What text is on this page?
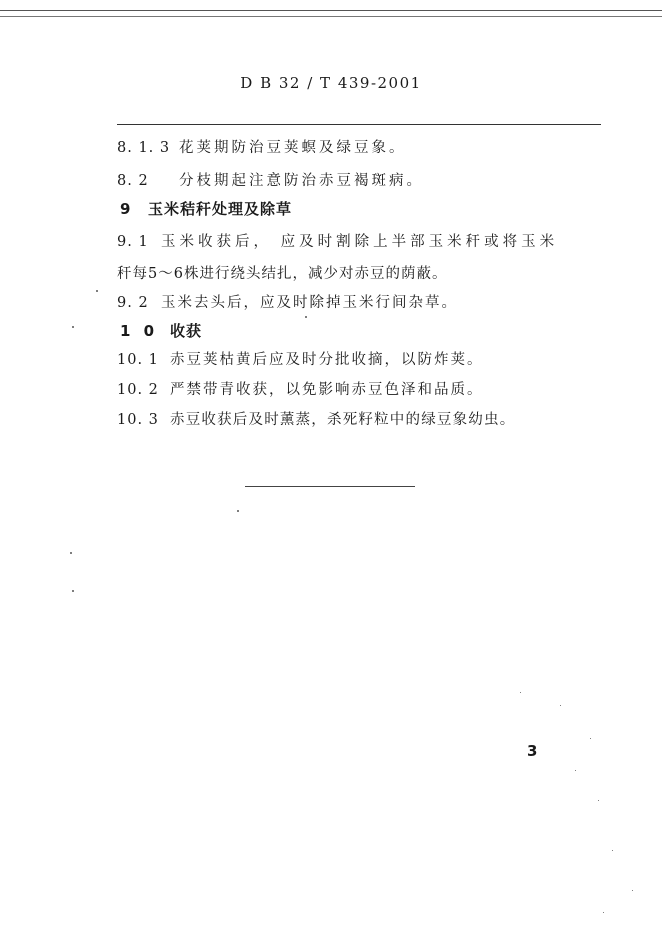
D B 32 / T 439-2001
8. 1. 3 花荚期防治豆荚螟及绿豆象。
8. 2 分枝期起注意防治赤豆褐斑病。
9 玉米秸秆处理及除草
9. 1 玉米收获后， 应及时割除上半部玉米秆或将玉米
秆每5～6株进行绕头结扎，减少对赤豆的荫蔽。
9. 2 玉米去头后，应及时除掉玉米行间杂草。
1 0 收获
10. 1 赤豆荚枯黄后应及时分批收摘，以防炸荚。
10. 2 严禁带青收获，以免影响赤豆色泽和品质。
10. 3 赤豆收获后及时薰蒸，杀死籽粒中的绿豆象幼虫。
3
